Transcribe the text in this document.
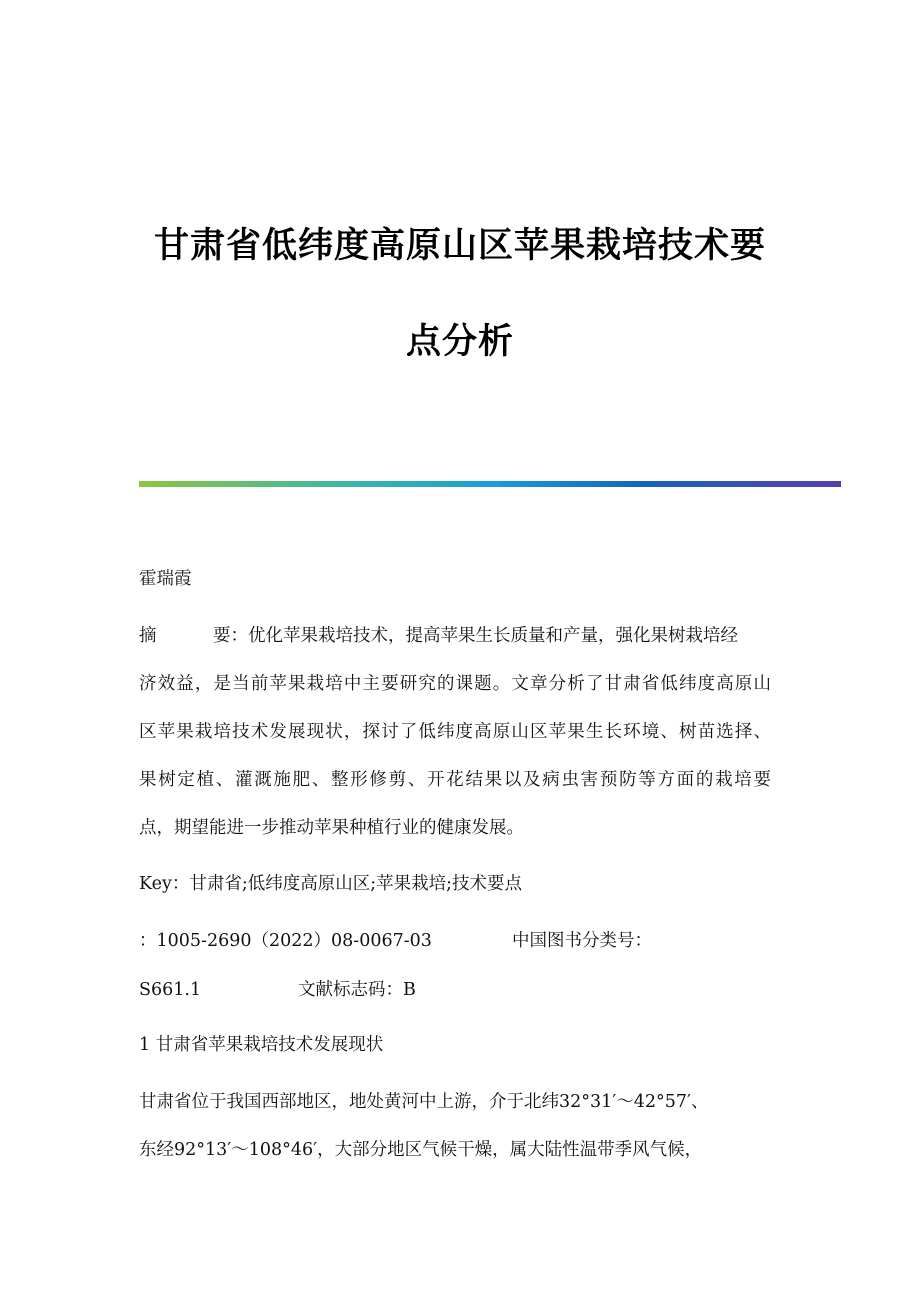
甘肃省低纬度高原山区苹果栽培技术要
点分析
霍瑞霞
摘	要：优化苹果栽培技术，提高苹果生长质量和产量，强化果树栽培经
济效益，是当前苹果栽培中主要研究的课题。文章分析了甘肃省低纬度高原山
区苹果栽培技术发展现状，探讨了低纬度高原山区苹果生长环境、树苗选择、
果树定植、灌溉施肥、整形修剪、开花结果以及病虫害预防等方面的栽培要
点，期望能进一步推动苹果种植行业的健康发展。
Key：甘肃省;低纬度高原山区;苹果栽培;技术要点
：1005-2690（2022）08-0067-03	中国图书分类号：
S661.1	文献标志码：B
1 甘肃省苹果栽培技术发展现状
甘肃省位于我国西部地区，地处黄河中上游，介于北纬32°31′～42°57′、
东经92°13′～108°46′，大部分地区气候干燥，属大陆性温带季风气候，
